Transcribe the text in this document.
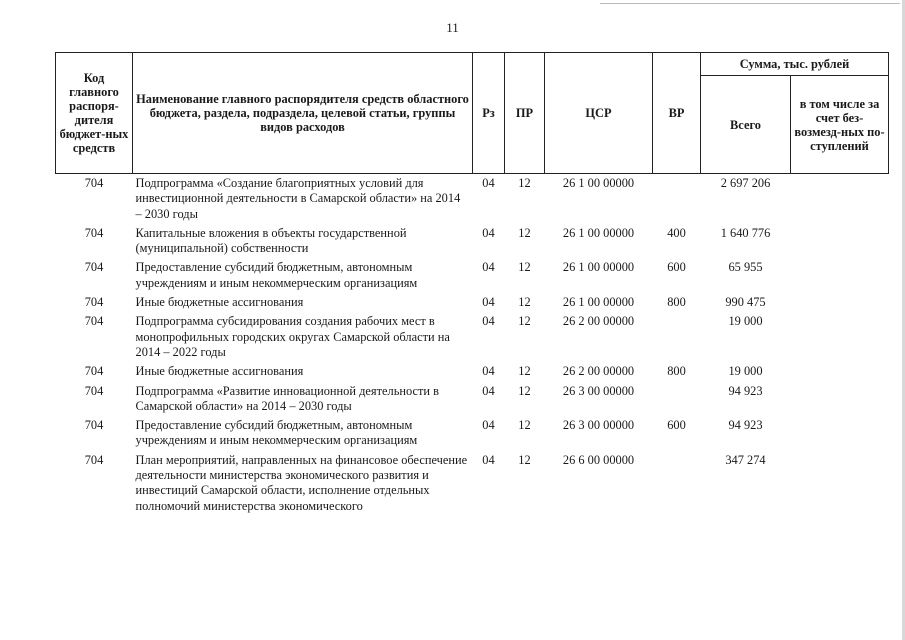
11
Код главного распоря-дителя бюджет-ных средств	Наименование главного распорядителя средств областного бюджета, раздела, подраздела, целевой статьи, группы видов расходов	Рз	ПР	ЦСР	ВР	Сумма, тыс. рублей	
						Всего	в том числе за счет без-возмезд-ных по-ступлений
704	Подпрограмма «Создание благоприятных условий для инвестиционной деятельности в Самарской области» на 2014 – 2030 годы	04	12	26 1 00 00000		2 697 206	
704	Капитальные вложения в объекты государственной (муниципальной) собственности	04	12	26 1 00 00000	400	1 640 776	
704	Предоставление субсидий бюджетным, автономным учреждениям и иным некоммерческим организациям	04	12	26 1 00 00000	600	65 955	
704	Иные бюджетные ассигнования	04	12	26 1 00 00000	800	990 475	
704	Подпрограмма субсидирования создания рабочих мест в монопрофильных городских округах Самарской области на 2014 – 2022 годы	04	12	26 2 00 00000		19 000	
704	Иные бюджетные ассигнования	04	12	26 2 00 00000	800	19 000	
704	Подпрограмма «Развитие инновационной деятельности в Самарской области» на 2014 – 2030 годы	04	12	26 3 00 00000		94 923	
704	Предоставление субсидий бюджетным, автономным учреждениям и иным некоммерческим организациям	04	12	26 3 00 00000	600	94 923	
704	План мероприятий, направленных на финансовое обеспечение деятельности министерства экономического развития и инвестиций Самарской области, исполнение отдельных полномочий министерства экономического	04	12	26 6 00 00000		347 274	
